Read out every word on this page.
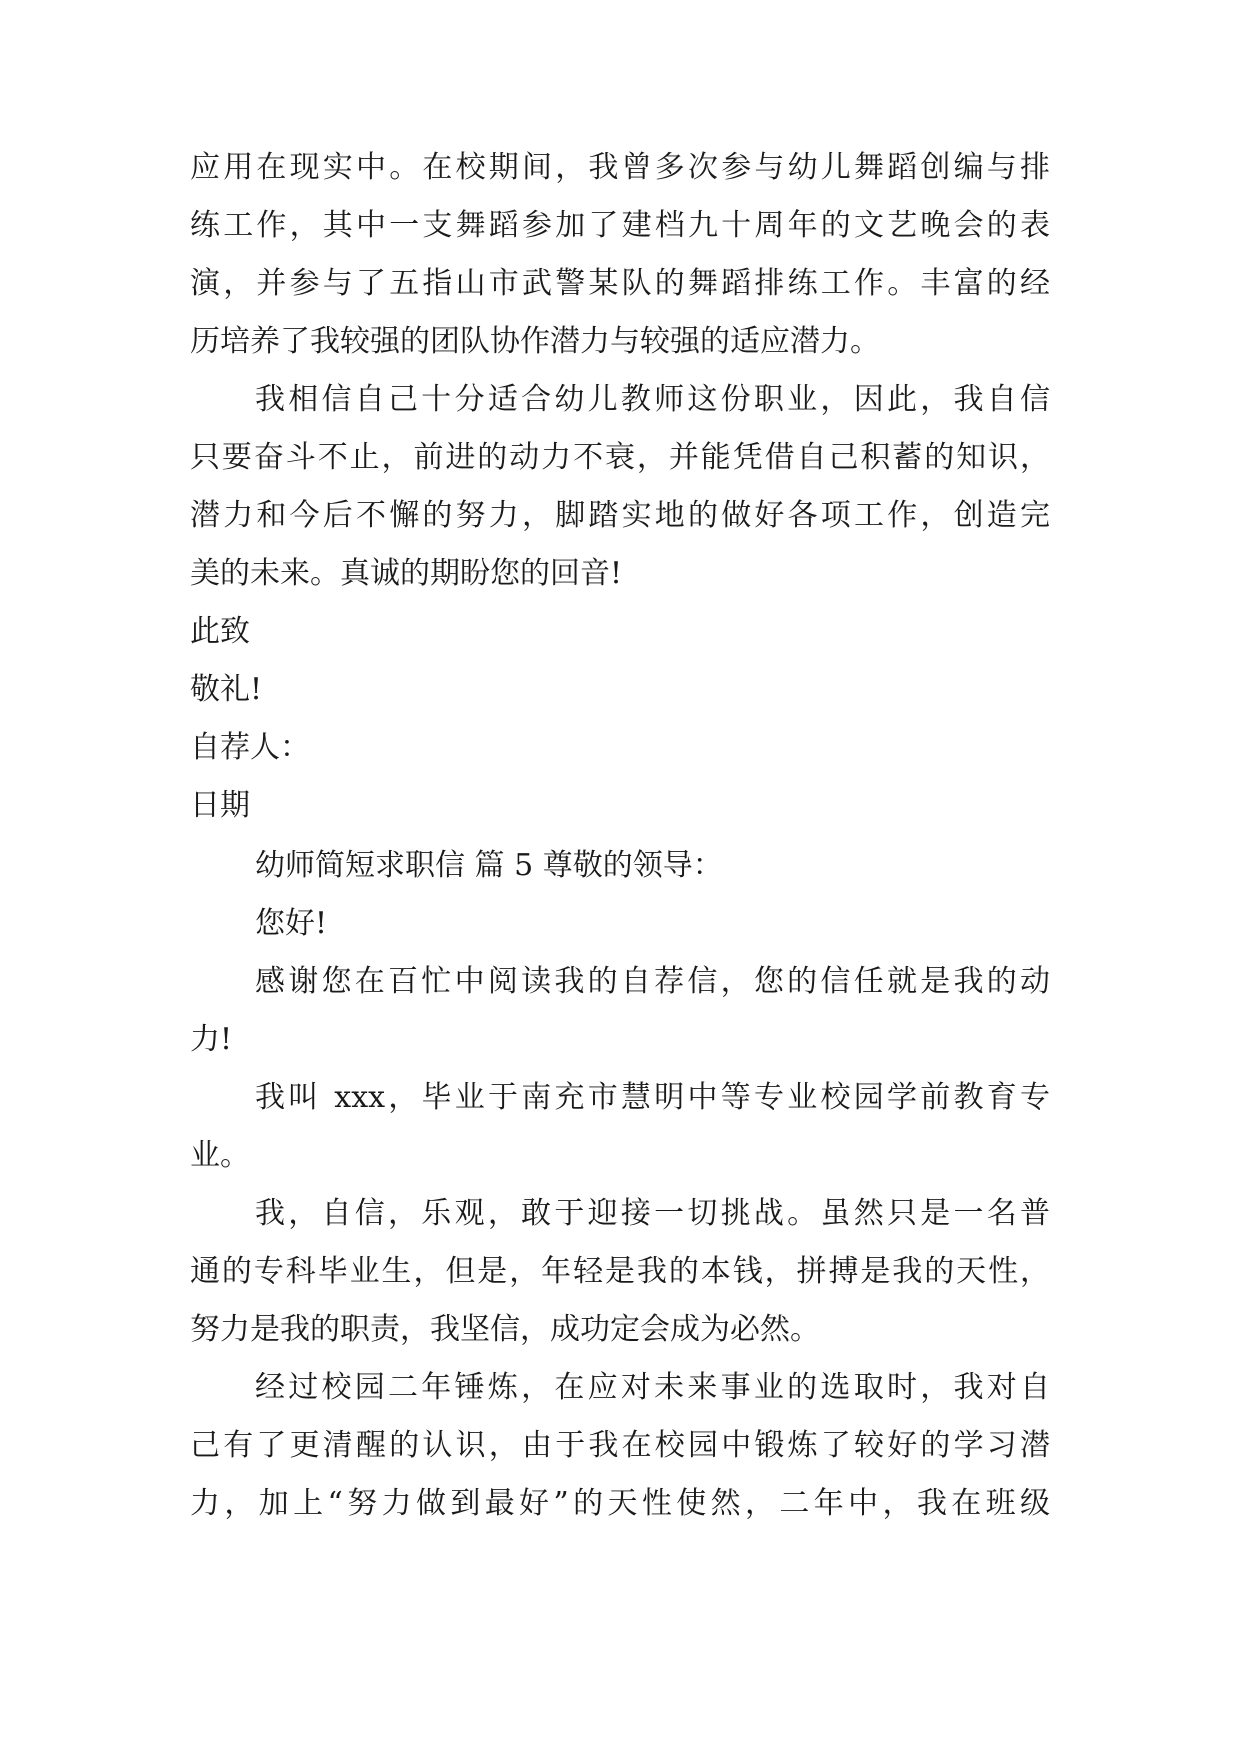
应用在现实中。在校期间，我曾多次参与幼儿舞蹈创编与排
练工作，其中一支舞蹈参加了建档九十周年的文艺晚会的表
演，并参与了五指山市武警某队的舞蹈排练工作。丰富的经
历培养了我较强的团队协作潜力与较强的适应潜力。
我相信自己十分适合幼儿教师这份职业，因此，我自信
只要奋斗不止，前进的动力不衰，并能凭借自己积蓄的知识，
潜力和今后不懈的努力，脚踏实地的做好各项工作，创造完
美的未来。真诚的期盼您的回音!
此致
敬礼!
自荐人：
日期
幼师简短求职信 篇 5 尊敬的领导：
您好!
感谢您在百忙中阅读我的自荐信，您的信任就是我的动
力!
我叫 xxx，毕业于南充市慧明中等专业校园学前教育专
业。
我，自信，乐观，敢于迎接一切挑战。虽然只是一名普
通的专科毕业生，但是，年轻是我的本钱，拼搏是我的天性，
努力是我的职责，我坚信，成功定会成为必然。
经过校园二年锤炼，在应对未来事业的选取时，我对自
己有了更清醒的认识，由于我在校园中锻炼了较好的学习潜
力，加上“努力做到最好”的天性使然，二年中，我在班级
